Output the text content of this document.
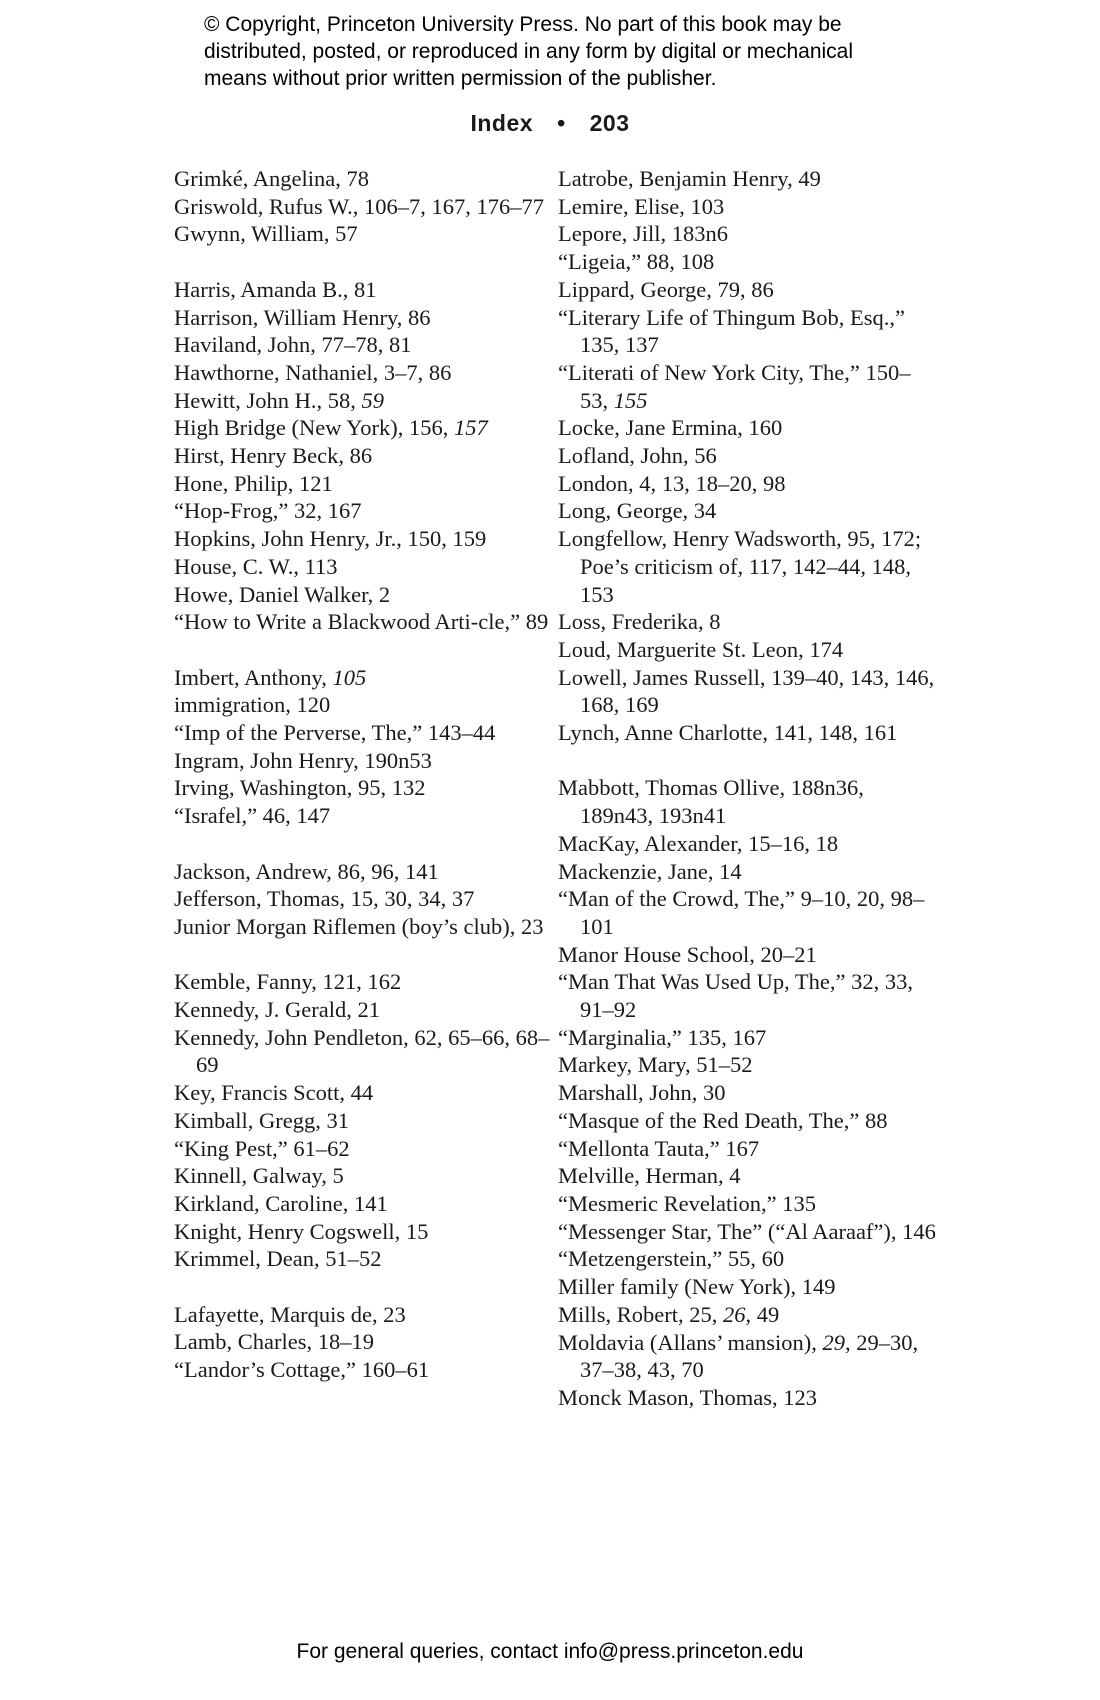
© Copyright, Princeton University Press. No part of this book may be
distributed, posted, or reproduced in any form by digital or mechanical
means without prior written permission of the publisher.
Index • 203
Grimké, Angelina, 78
Griswold, Rufus W., 106–7, 167, 176–77
Gwynn, William, 57
Harris, Amanda B., 81
Harrison, William Henry, 86
Haviland, John, 77–78, 81
Hawthorne, Nathaniel, 3–7, 86
Hewitt, John H., 58, 59
High Bridge (New York), 156, 157
Hirst, Henry Beck, 86
Hone, Philip, 121
“Hop-Frog,” 32, 167
Hopkins, John Henry, Jr., 150, 159
House, C. W., 113
Howe, Daniel Walker, 2
“How to Write a Blackwood Arti-cle,” 89
Imbert, Anthony, 105
immigration, 120
“Imp of the Perverse, The,” 143–44
Ingram, John Henry, 190n53
Irving, Washington, 95, 132
“Israfel,” 46, 147
Jackson, Andrew, 86, 96, 141
Jefferson, Thomas, 15, 30, 34, 37
Junior Morgan Riflemen (boy’s club), 23
Kemble, Fanny, 121, 162
Kennedy, J. Gerald, 21
Kennedy, John Pendleton, 62, 65–66, 68–69
Key, Francis Scott, 44
Kimball, Gregg, 31
“King Pest,” 61–62
Kinnell, Galway, 5
Kirkland, Caroline, 141
Knight, Henry Cogswell, 15
Krimmel, Dean, 51–52
Lafayette, Marquis de, 23
Lamb, Charles, 18–19
“Landor’s Cottage,” 160–61
Latrobe, Benjamin Henry, 49
Lemire, Elise, 103
Lepore, Jill, 183n6
“Ligeia,” 88, 108
Lippard, George, 79, 86
“Literary Life of Thingum Bob, Esq.,” 135, 137
“Literati of New York City, The,” 150–53, 155
Locke, Jane Ermina, 160
Lofland, John, 56
London, 4, 13, 18–20, 98
Long, George, 34
Longfellow, Henry Wadsworth, 95, 172; Poe’s criticism of, 117, 142–44, 148, 153
Loss, Frederika, 8
Loud, Marguerite St. Leon, 174
Lowell, James Russell, 139–40, 143, 146, 168, 169
Lynch, Anne Charlotte, 141, 148, 161
Mabbott, Thomas Ollive, 188n36, 189n43, 193n41
MacKay, Alexander, 15–16, 18
Mackenzie, Jane, 14
“Man of the Crowd, The,” 9–10, 20, 98–101
Manor House School, 20–21
“Man That Was Used Up, The,” 32, 33, 91–92
“Marginalia,” 135, 167
Markey, Mary, 51–52
Marshall, John, 30
“Masque of the Red Death, The,” 88
“Mellonta Tauta,” 167
Melville, Herman, 4
“Mesmeric Revelation,” 135
“Messenger Star, The” (“Al Aaraaf”), 146
“Metzengerstein,” 55, 60
Miller family (New York), 149
Mills, Robert, 25, 26, 49
Moldavia (Allans’ mansion), 29, 29–30, 37–38, 43, 70
Monck Mason, Thomas, 123
For general queries, contact info@press.princeton.edu
